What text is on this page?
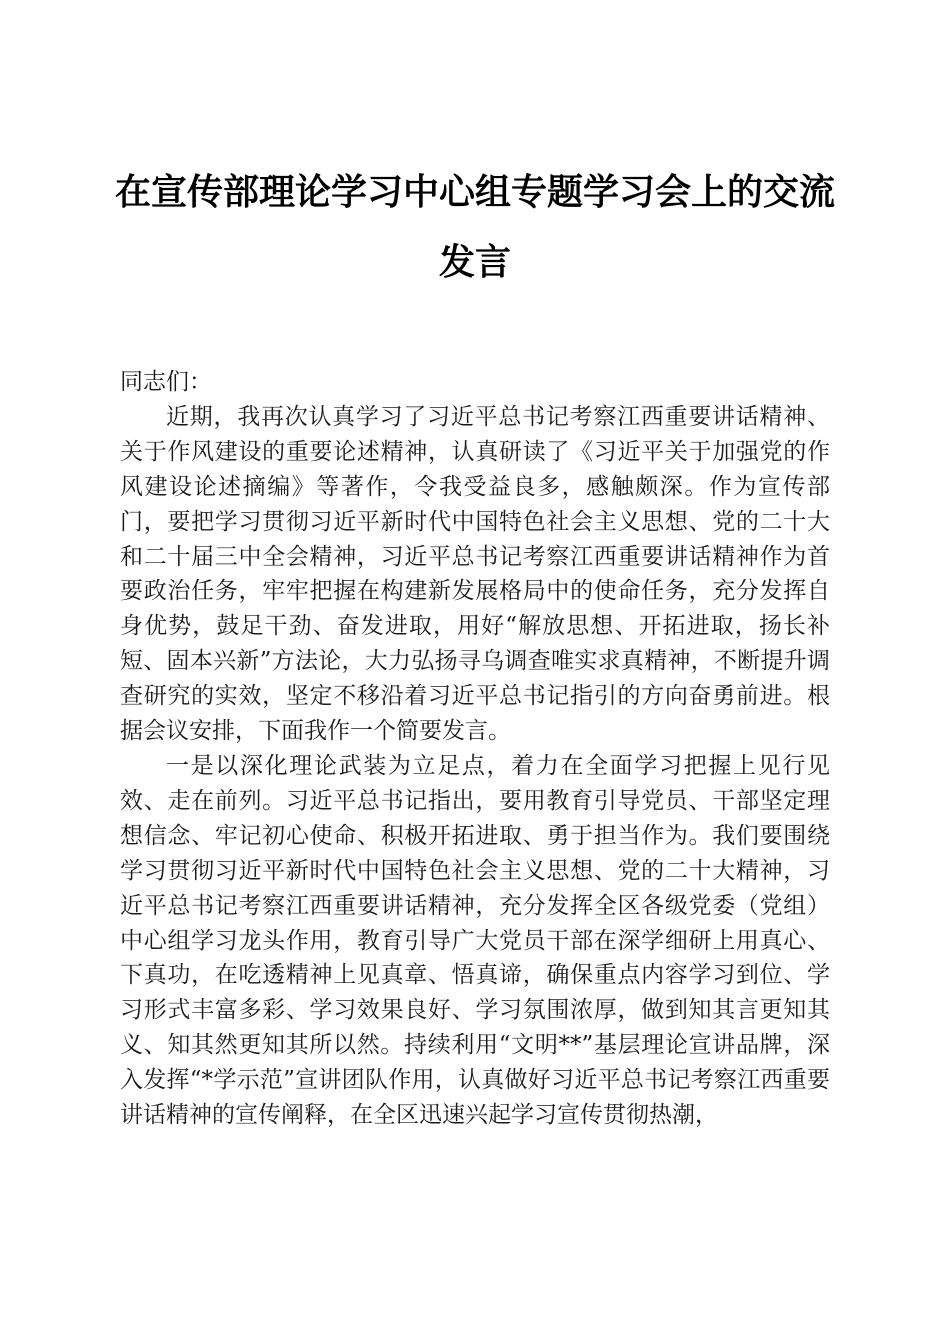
在宣传部理论学习中心组专题学习会上的交流
发言

同志们：

近期，我再次认真学习了习近平总书记考察江西重要讲话精神、关于作风建设的重要论述精神，认真研读了《习近平关于加强党的作风建设论述摘编》等著作，令我受益良多，感触颇深。作为宣传部门，要把学习贯彻习近平新时代中国特色社会主义思想、党的二十大和二十届三中全会精神，习近平总书记考察江西重要讲话精神作为首要政治任务，牢牢把握在构建新发展格局中的使命任务，充分发挥自身优势，鼓足干劲、奋发进取，用好“解放思想、开拓进取，扬长补短、固本兴新”方法论，大力弘扬寻乌调查唯实求真精神，不断提升调查研究的实效，坚定不移沿着习近平总书记指引的方向奋勇前进。根据会议安排，下面我作一个简要发言。

一是以深化理论武装为立足点，着力在全面学习把握上见行见效、走在前列。习近平总书记指出，要用教育引导党员、干部坚定理想信念、牢记初心使命、积极开拓进取、勇于担当作为。我们要围绕学习贯彻习近平新时代中国特色社会主义思想、党的二十大精神，习近平总书记考察江西重要讲话精神，充分发挥全区各级党委（党组）中心组学习龙头作用，教育引导广大党员干部在深学细研上用真心、下真功，在吃透精神上见真章、悟真谛，确保重点内容学习到位、学习形式丰富多彩、学习效果良好、学习氛围浓厚，做到知其言更知其义、知其然更知其所以然。持续利用“文明**”基层理论宣讲品牌，深入发挥“*学示范”宣讲团队作用，认真做好习近平总书记考察江西重要讲话精神的宣传阐释，在全区迅速兴起学习宣传贯彻热潮，
